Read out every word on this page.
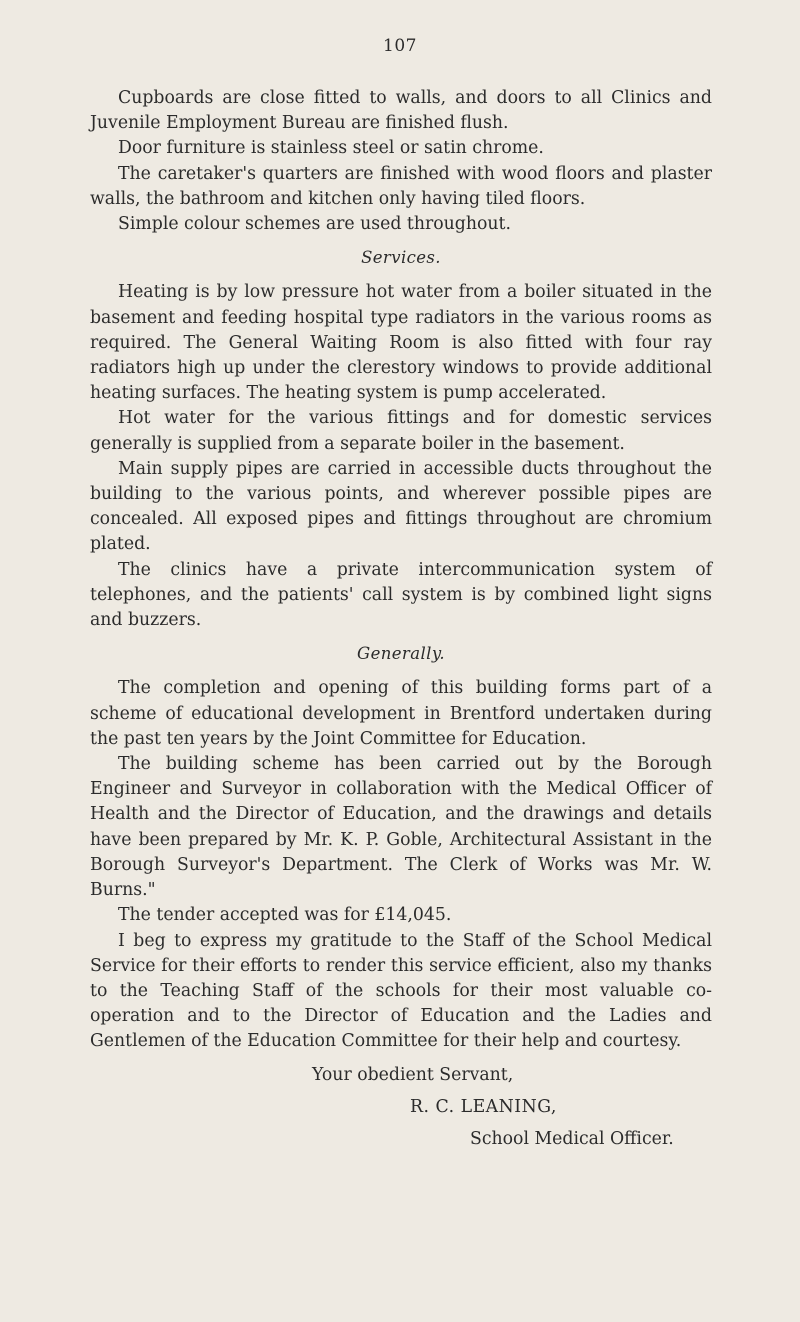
107

Cupboards are close fitted to walls, and doors to all Clinics and Juvenile Employment Bureau are finished flush.

Door furniture is stainless steel or satin chrome.

The caretaker's quarters are finished with wood floors and plaster walls, the bathroom and kitchen only having tiled floors.

Simple colour schemes are used throughout.

Services.

Heating is by low pressure hot water from a boiler situated in the basement and feeding hospital type radiators in the various rooms as required. The General Waiting Room is also fitted with four ray radiators high up under the clerestory windows to provide additional heating surfaces. The heating system is pump accelerated.

Hot water for the various fittings and for domestic services generally is supplied from a separate boiler in the basement.

Main supply pipes are carried in accessible ducts throughout the building to the various points, and wherever possible pipes are concealed. All exposed pipes and fittings throughout are chromium plated.

The clinics have a private intercommunication system of telephones, and the patients' call system is by combined light signs and buzzers.

Generally.

The completion and opening of this building forms part of a scheme of educational development in Brentford undertaken during the past ten years by the Joint Committee for Education.

The building scheme has been carried out by the Borough Engineer and Surveyor in collaboration with the Medical Officer of Health and the Director of Education, and the drawings and details have been prepared by Mr. K. P. Goble, Architectural Assistant in the Borough Surveyor's Department. The Clerk of Works was Mr. W. Burns."

The tender accepted was for £14,045.

I beg to express my gratitude to the Staff of the School Medical Service for their efforts to render this service efficient, also my thanks to the Teaching Staff of the schools for their most valuable co-operation and to the Director of Education and the Ladies and Gentlemen of the Education Committee for their help and courtesy.

Your obedient Servant,
R. C. LEANING,
School Medical Officer.
